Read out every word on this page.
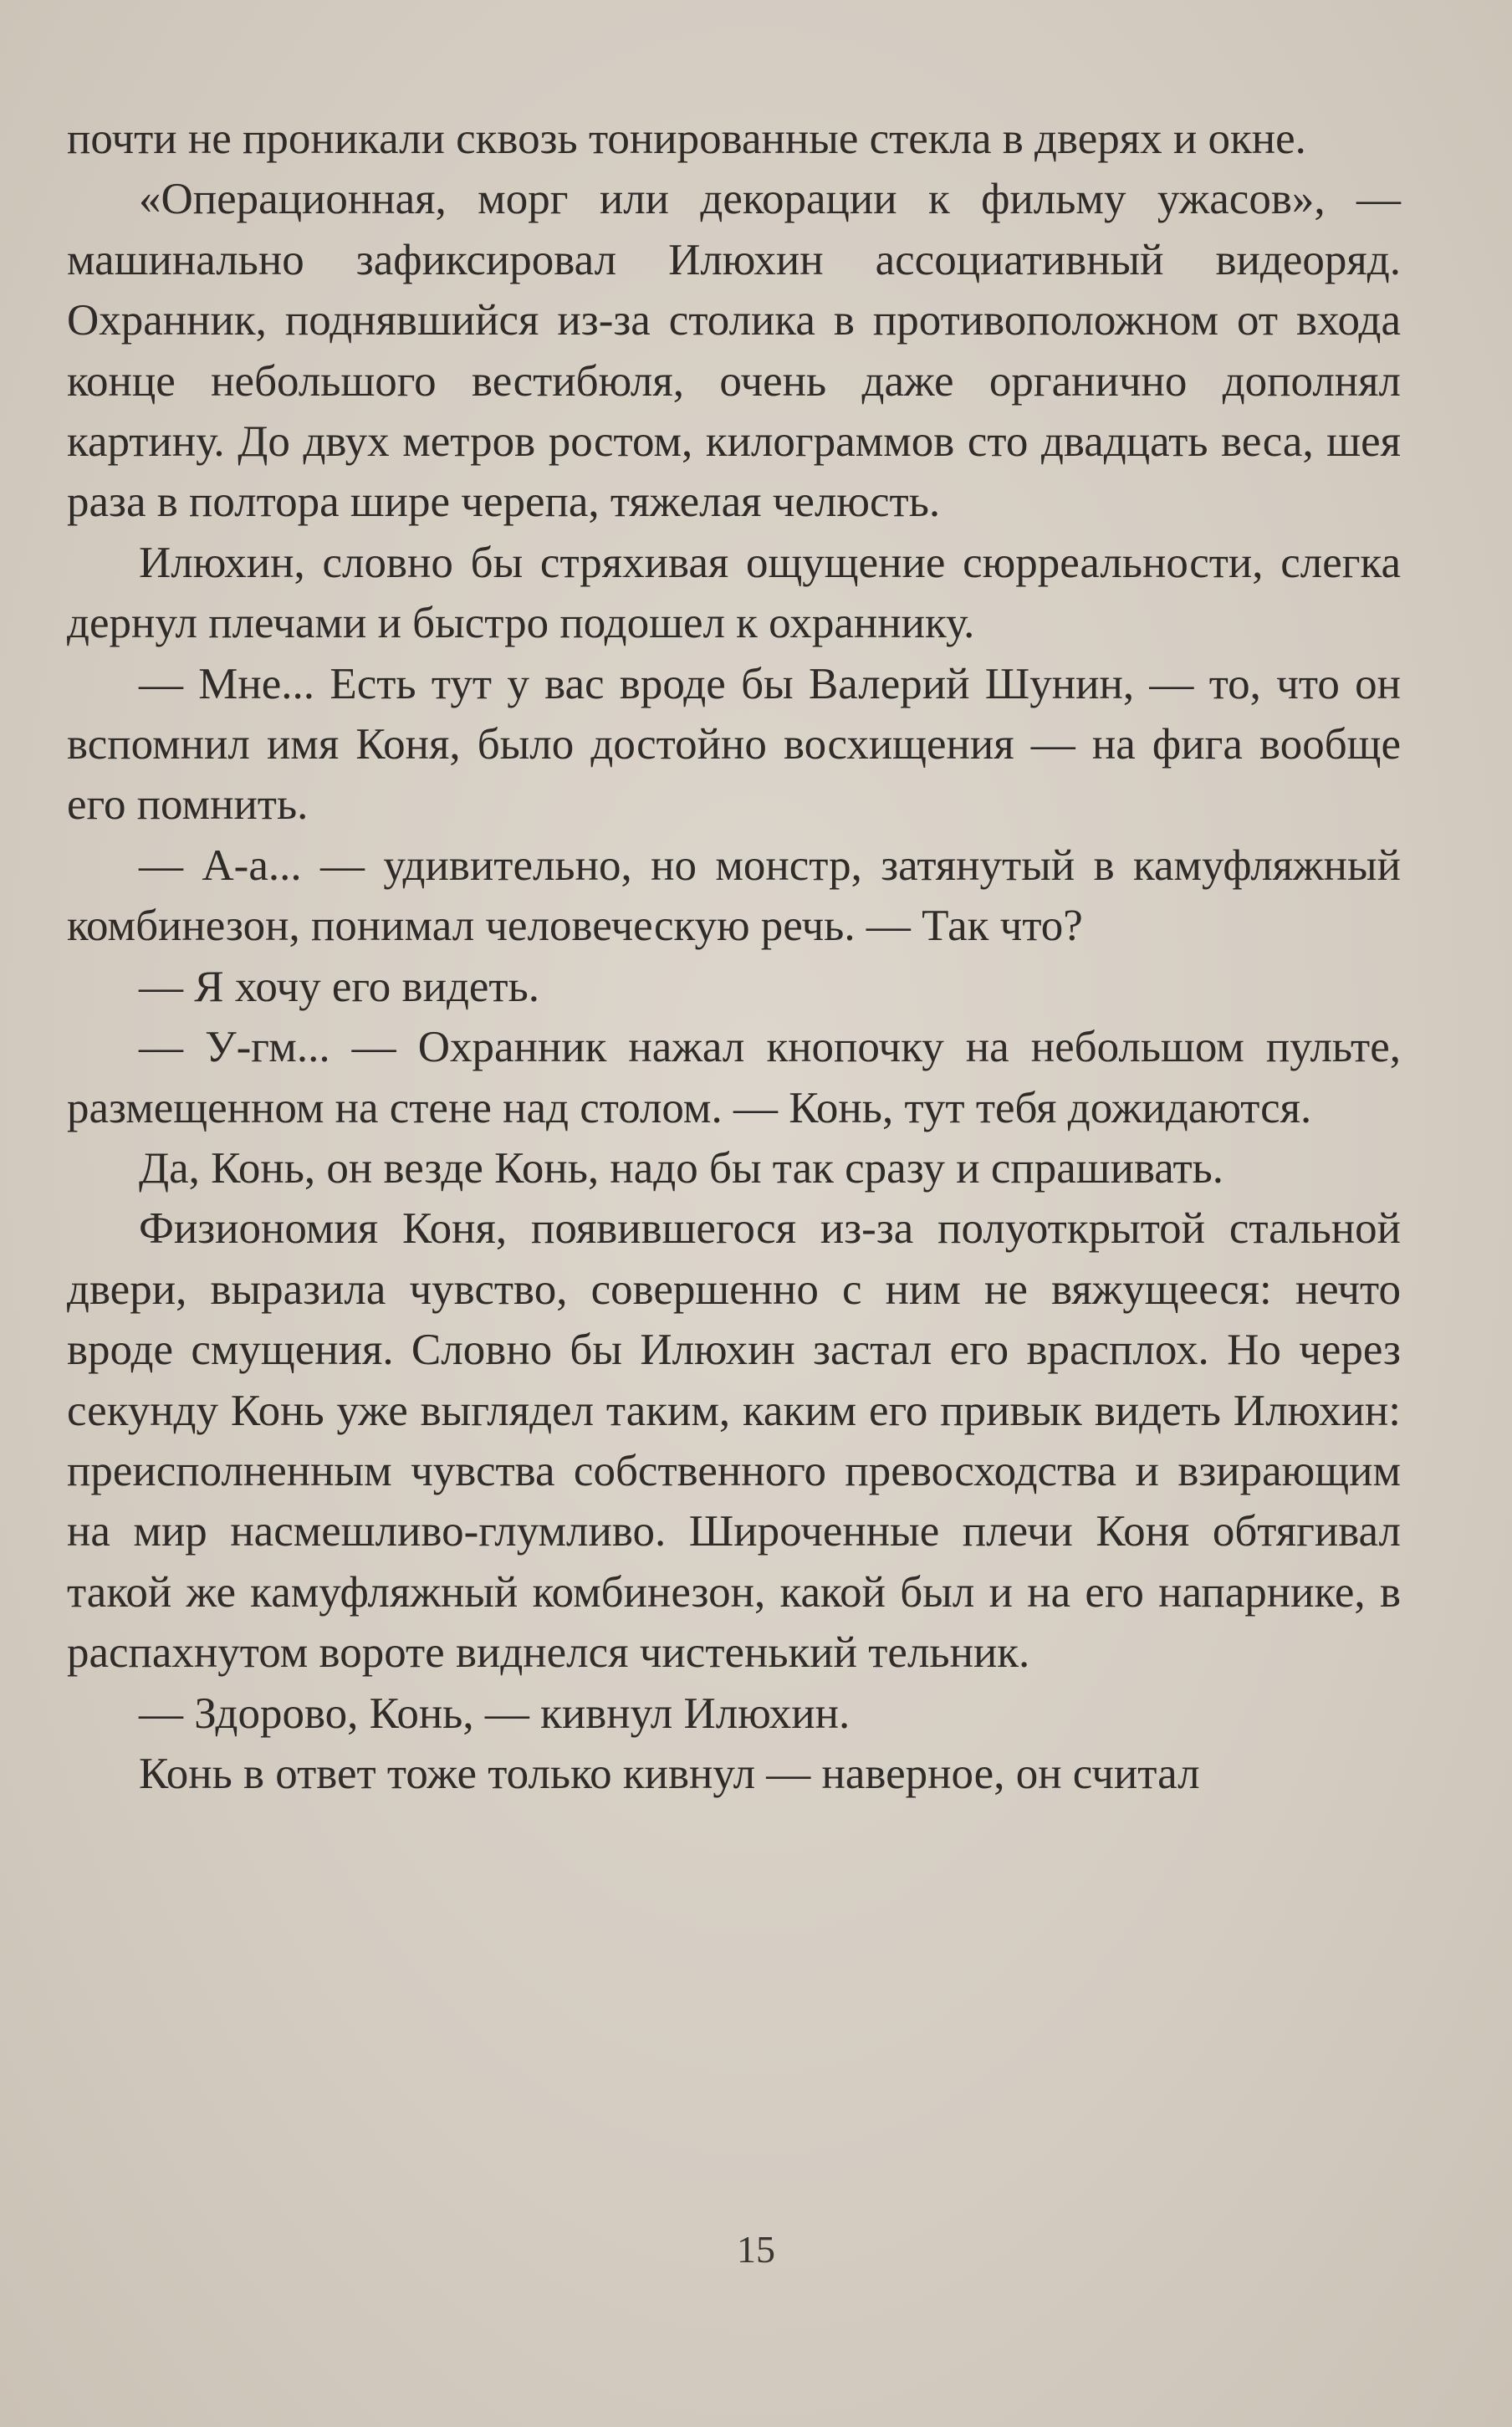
почти не проникали сквозь тонированные стекла в дверях и окне.

«Операционная, морг или декорации к фильму ужасов», — машинально зафиксировал Илюхин ассоциативный видеоряд. Охранник, поднявшийся из-за столика в противоположном от входа конце небольшого вестибюля, очень даже органично дополнял картину. До двух метров ростом, килограммов сто двадцать веса, шея раза в полтора шире черепа, тяжелая челюсть.

Илюхин, словно бы стряхивая ощущение сюрреальности, слегка дернул плечами и быстро подошел к охраннику.

— Мне... Есть тут у вас вроде бы Валерий Шунин, — то, что он вспомнил имя Коня, было достойно восхищения — на фига вообще его помнить.

— А-а... — удивительно, но монстр, затянутый в камуфляжный комбинезон, понимал человеческую речь. — Так что?

— Я хочу его видеть.

— У-гм... — Охранник нажал кнопочку на небольшом пульте, размещенном на стене над столом. — Конь, тут тебя дожидаются.

Да, Конь, он везде Конь, надо бы так сразу и спрашивать.

Физиономия Коня, появившегося из-за полуоткрытой стальной двери, выразила чувство, совершенно с ним не вяжущееся: нечто вроде смущения. Словно бы Илюхин застал его врасплох. Но через секунду Конь уже выглядел таким, каким его привык видеть Илюхин: преисполненным чувства собственного превосходства и взирающим на мир насмешливо-глумливо. Широченные плечи Коня обтягивал такой же камуфляжный комбинезон, какой был и на его напарнике, в распахнутом вороте виднелся чистенький тельник.

— Здорово, Конь, — кивнул Илюхин.

Конь в ответ тоже только кивнул — наверное, он считал

15
